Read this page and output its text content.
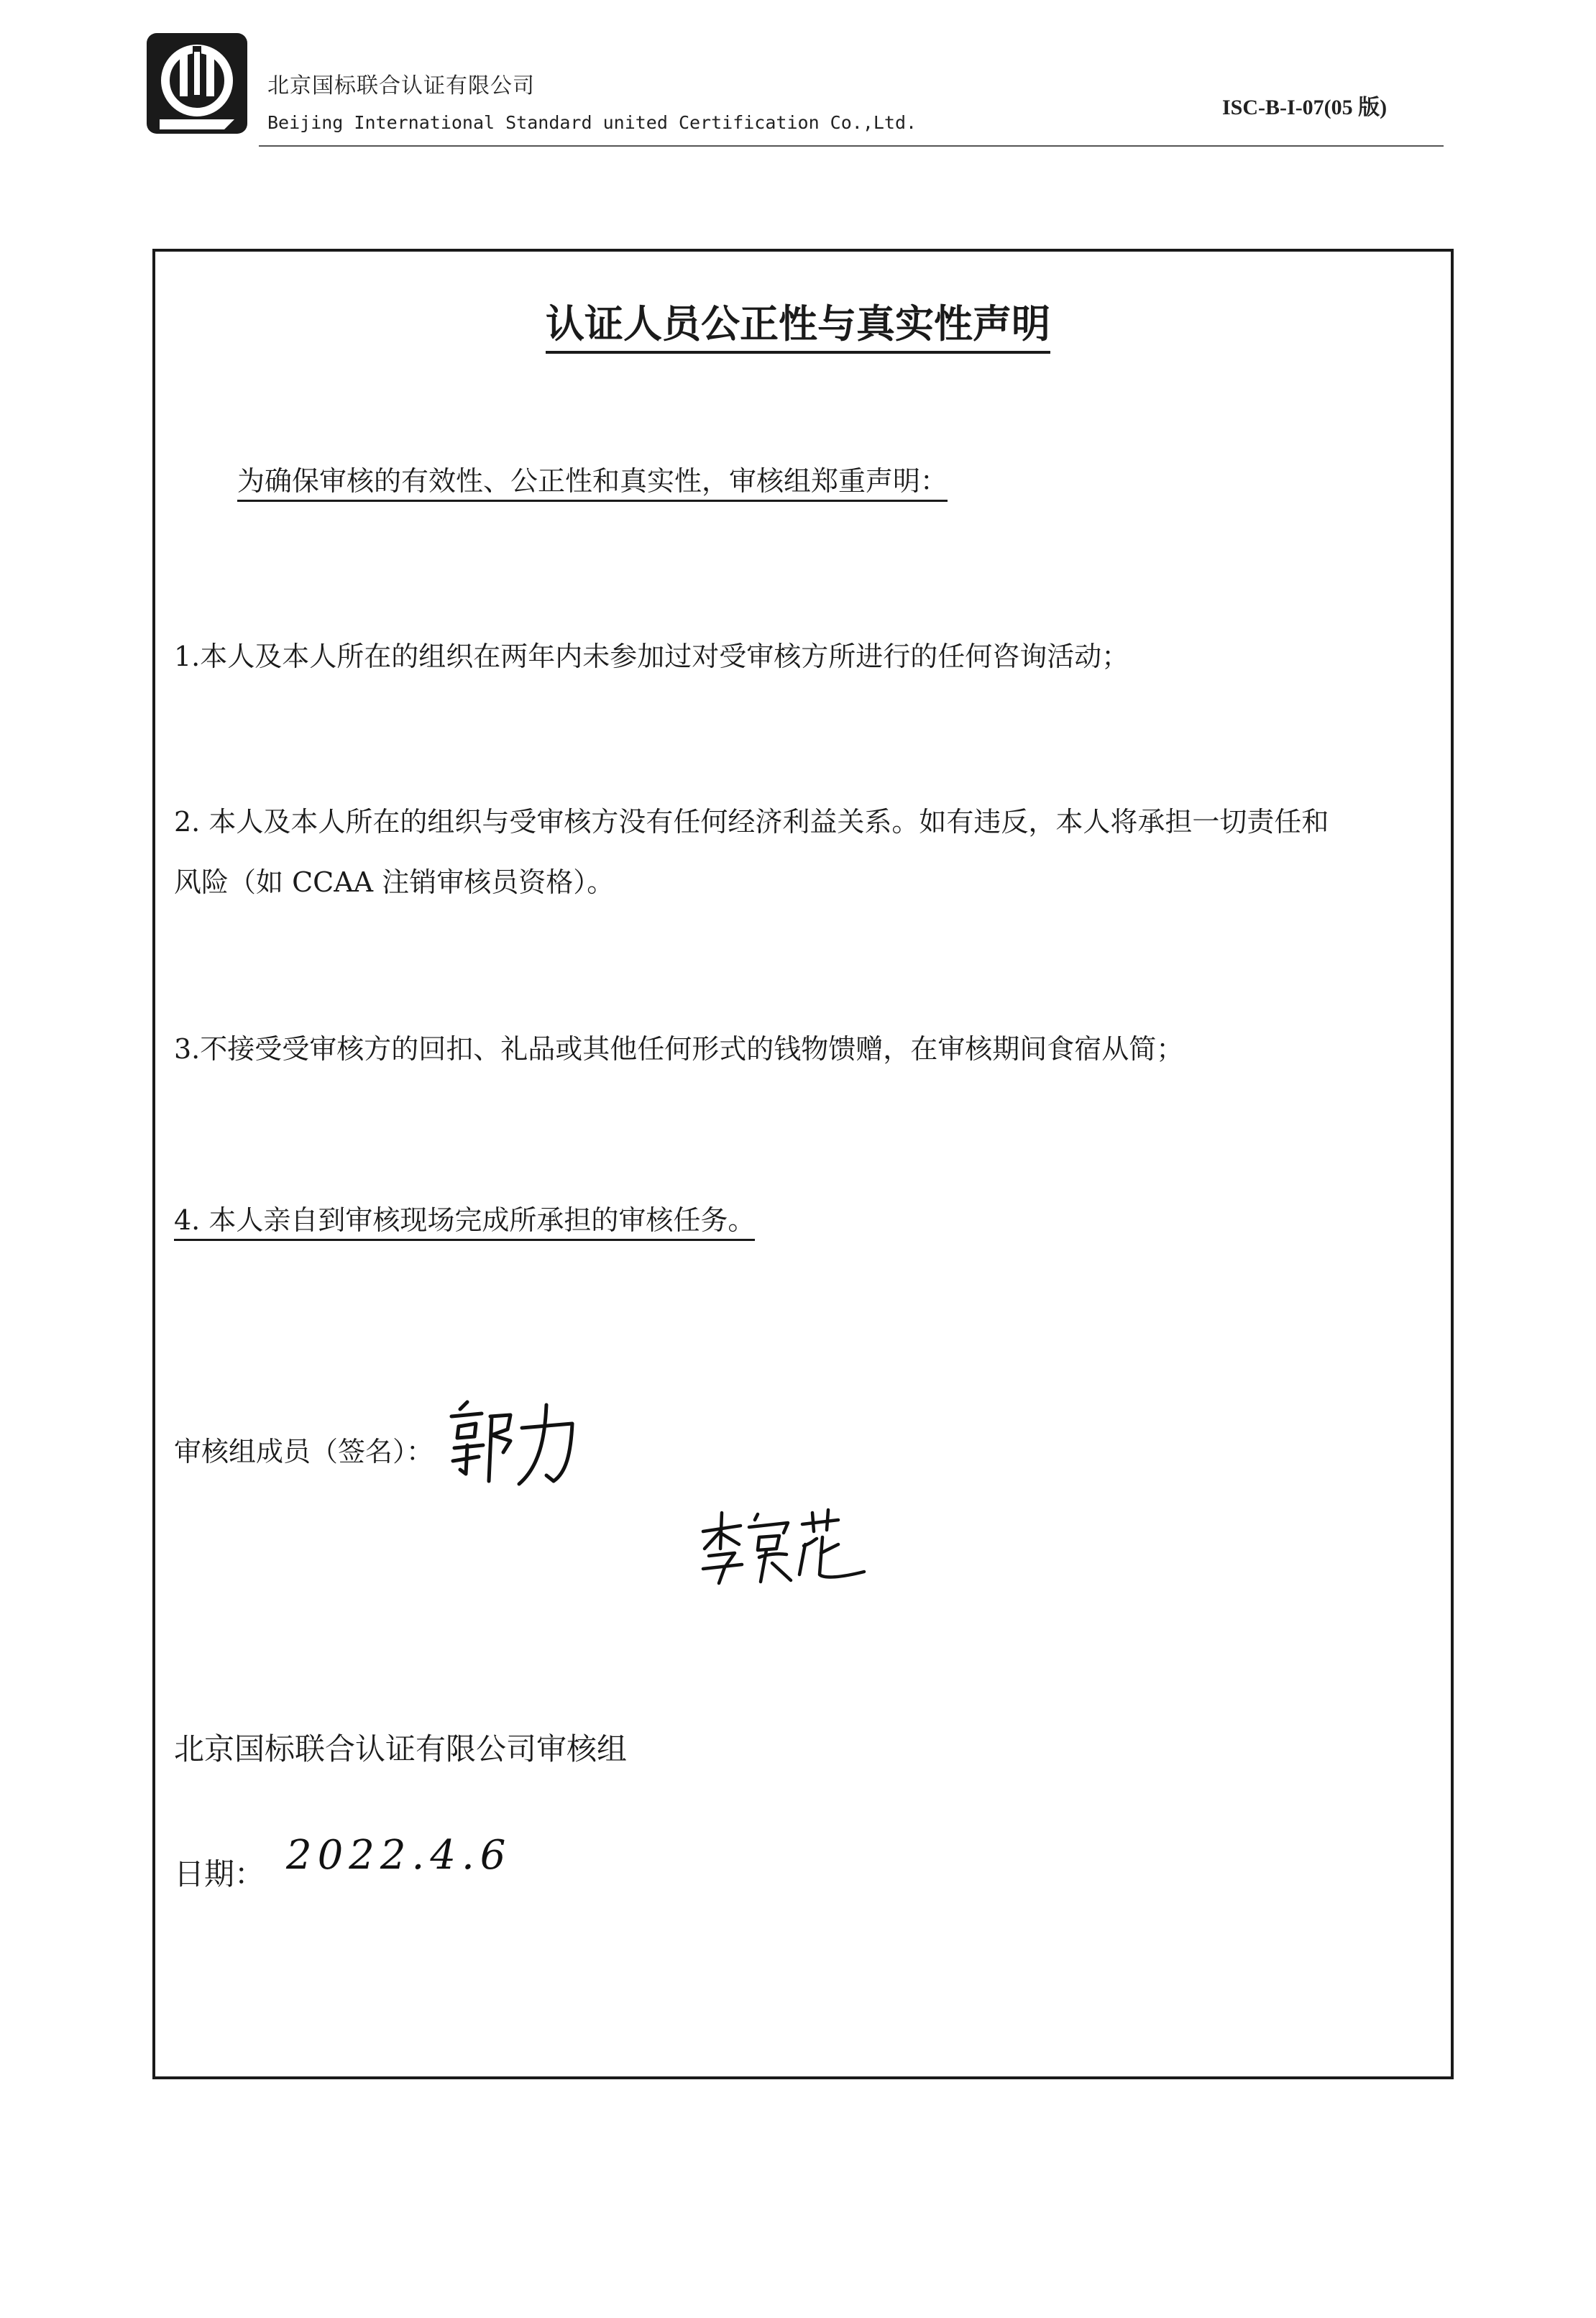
北京国标联合认证有限公司
Beijing International Standard united Certification Co.,Ltd.
ISC-B-I-07(05 版)
认证人员公正性与真实性声明
为确保审核的有效性、公正性和真实性，审核组郑重声明：
1.本人及本人所在的组织在两年内未参加过对受审核方所进行的任何咨询活动；
2. 本人及本人所在的组织与受审核方没有任何经济利益关系。如有违反，本人将承担一切责任和
风险（如 CCAA 注销审核员资格）。
3.不接受受审核方的回扣、礼品或其他任何形式的钱物馈赠，在审核期间食宿从简；
4. 本人亲自到审核现场完成所承担的审核任务。
审核组成员（签名）：
北京国标联合认证有限公司审核组
日期： 2022.4.6
